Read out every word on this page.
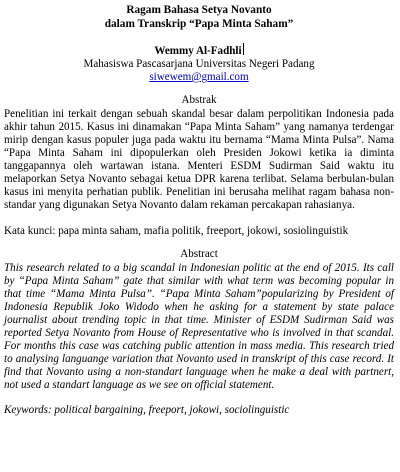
Ragam Bahasa Setya Novanto
dalam Transkrip “Papa Minta Saham”
Wemmy Al-Fadhli
Mahasiswa Pascasarjana Universitas Negeri Padang
siwewem@gmail.com
Abstrak

Penelitian ini terkait dengan sebuah skandal besar dalam perpolitikan Indonesia pada akhir tahun 2015. Kasus ini dinamakan “Papa Minta Saham” yang namanya terdengar mirip dengan kasus populer juga pada waktu itu bernama “Mama Minta Pulsa”. Nama “Papa Minta Saham ini dipopulerkan oleh Presiden Jokowi ketika ia diminta tanggapannya oleh wartawan istana. Menteri ESDM Sudirman Said waktu itu melaporkan Setya Novanto sebagai ketua DPR karena terlibat. Selama berbulan-bulan kasus ini menyita perhatian publik. Penelitian ini berusaha melihat ragam bahasa non-standar yang digunakan Setya Novanto dalam rekaman percakapan rahasianya.

Kata kunci: papa minta saham, mafia politik, freeport, jokowi, sosiolinguistik

Abstract

This research related to a big scandal in Indonesian politic at the end of 2015. Its call by “Papa Minta Saham” gate that similar with what term was becoming popular in that time “Mama Minta Pulsa”. “Papa Minta Saham”popularizing by President of Indonesia Republik Joko Widodo when he asking for a statement by state palace journalist about trending topic in that time. Minister of ESDM Sudirman Said was reported Setya Novanto from House of Representative who is involved in that scandal. For months this case was catching public attention in mass media. This research tried to analysing languange variation that Novanto used in transkript of this case record. It find that Novanto using a non-standart language when he make a deal with partnert, not used a standart language as we see on official statement.

Keywords: political bargaining, freeport, jokowi, sociolinguistic
